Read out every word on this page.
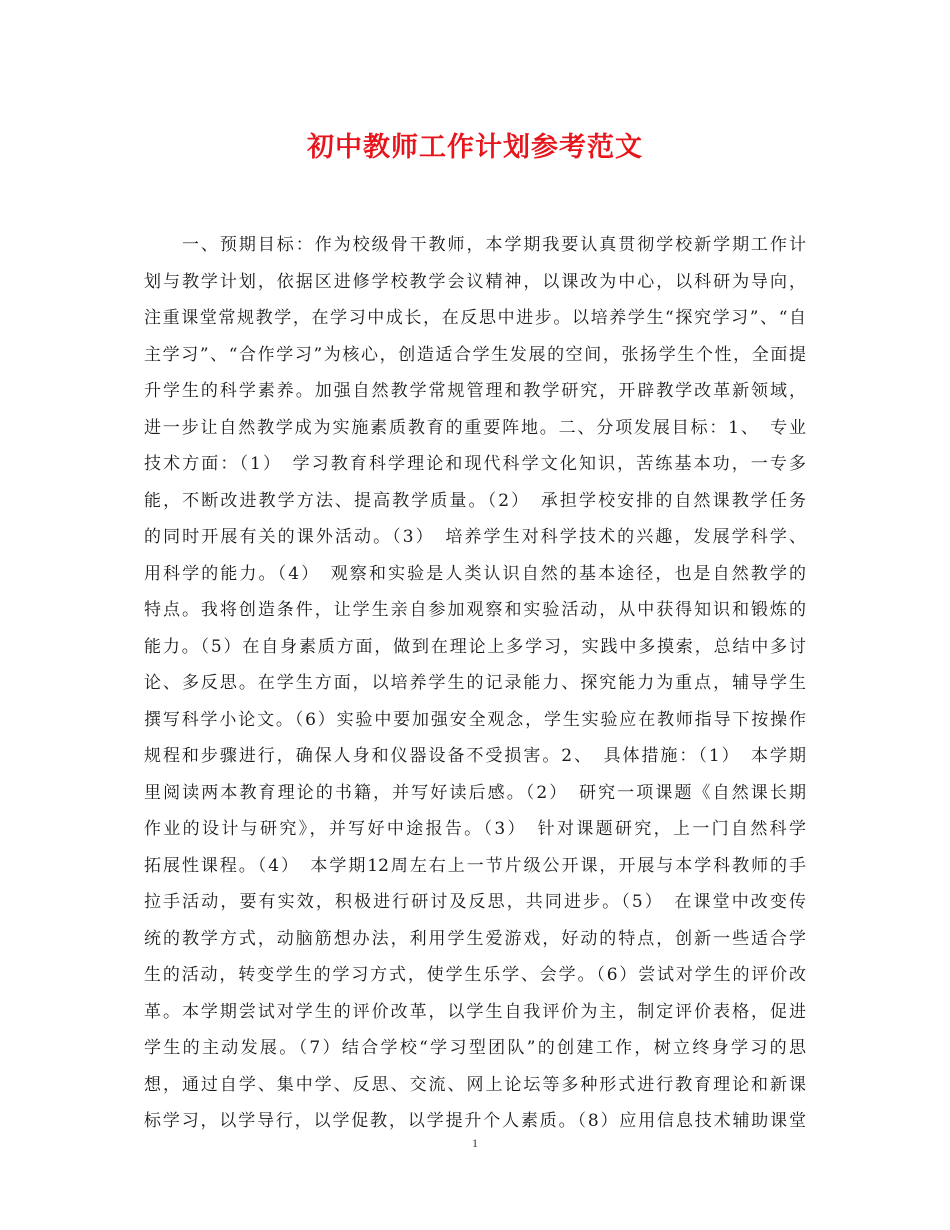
初中教师工作计划参考范文
　　一、预期目标：作为校级骨干教师，本学期我要认真贯彻学校新学期工作计
划与教学计划，依据区进修学校教学会议精神，以课改为中心，以科研为导向，
注重课堂常规教学，在学习中成长，在反思中进步。以培养学生“探究学习”、“自
主学习”、“合作学习”为核心，创造适合学生发展的空间，张扬学生个性，全面提
升学生的科学素养。加强自然教学常规管理和教学研究，开辟教学改革新领域，
进一步让自然教学成为实施素质教育的重要阵地。二、分项发展目标：1、　专业
技术方面：（1）　学习教育科学理论和现代科学文化知识，苦练基本功，一专多
能，不断改进教学方法、提高教学质量。（2）　承担学校安排的自然课教学任务
的同时开展有关的课外活动。（3）　培养学生对科学技术的兴趣，发展学科学、
用科学的能力。（4）　观察和实验是人类认识自然的基本途径，也是自然教学的
特点。我将创造条件，让学生亲自参加观察和实验活动，从中获得知识和锻炼的
能力。（5）在自身素质方面，做到在理论上多学习，实践中多摸索，总结中多讨
论、多反思。在学生方面，以培养学生的记录能力、探究能力为重点，辅导学生
撰写科学小论文。（6）实验中要加强安全观念，学生实验应在教师指导下按操作
规程和步骤进行，确保人身和仪器设备不受损害。2、　具体措施：（1）　本学期
里阅读两本教育理论的书籍，并写好读后感。（2）　研究一项课题《自然课长期
作业的设计与研究》，并写好中途报告。（3）　针对课题研究，上一门自然科学
拓展性课程。（4）　本学期12周左右上一节片级公开课，开展与本学科教师的手
拉手活动，要有实效，积极进行研讨及反思，共同进步。（5）　在课堂中改变传
统的教学方式，动脑筋想办法，利用学生爱游戏，好动的特点，创新一些适合学
生的活动，转变学生的学习方式，使学生乐学、会学。（6）尝试对学生的评价改
革。本学期尝试对学生的评价改革，以学生自我评价为主，制定评价表格，促进
学生的主动发展。（7）结合学校“学习型团队”的创建工作，树立终身学习的思
想，通过自学、集中学、反思、交流、网上论坛等多种形式进行教育理论和新课
标学习，以学导行，以学促教，以学提升个人素质。（8）应用信息技术辅助课堂
1
